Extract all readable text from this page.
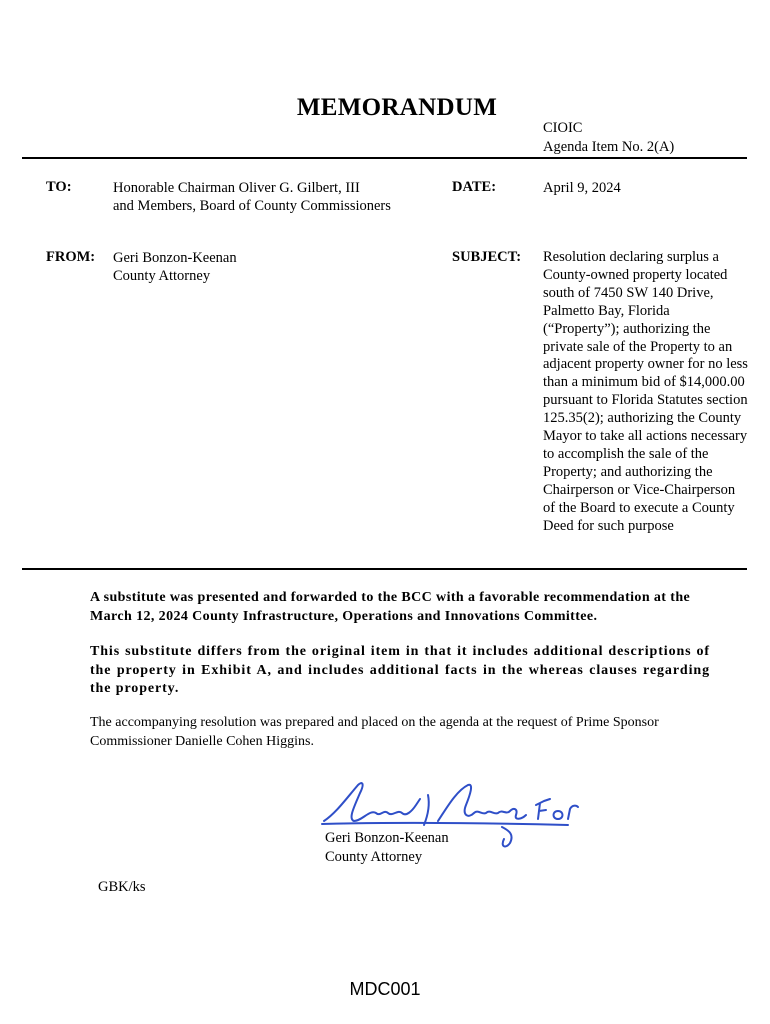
MEMORANDUM
CIOIC
Agenda Item No. 2(A)
TO:	Honorable Chairman Oliver G. Gilbert, III
and Members, Board of County Commissioners
DATE:	April 9, 2024
FROM: Geri Bonzon-Keenan
County Attorney
SUBJECT: Resolution declaring surplus a County-owned property located south of 7450 SW 140 Drive, Palmetto Bay, Florida (“Property”); authorizing the private sale of the Property to an adjacent property owner for no less than a minimum bid of $14,000.00 pursuant to Florida Statutes section 125.35(2); authorizing the County Mayor to take all actions necessary to accomplish the sale of the Property; and authorizing the Chairperson or Vice-Chairperson of the Board to execute a County Deed for such purpose
A substitute was presented and forwarded to the BCC with a favorable recommendation at the March 12, 2024 County Infrastructure, Operations and Innovations Committee.
This substitute differs from the original item in that it includes additional descriptions of the property in Exhibit A, and includes additional facts in the whereas clauses regarding the property.
The accompanying resolution was prepared and placed on the agenda at the request of Prime Sponsor Commissioner Danielle Cohen Higgins.
Geri Bonzon-Keenan
County Attorney
GBK/ks
MDC001
